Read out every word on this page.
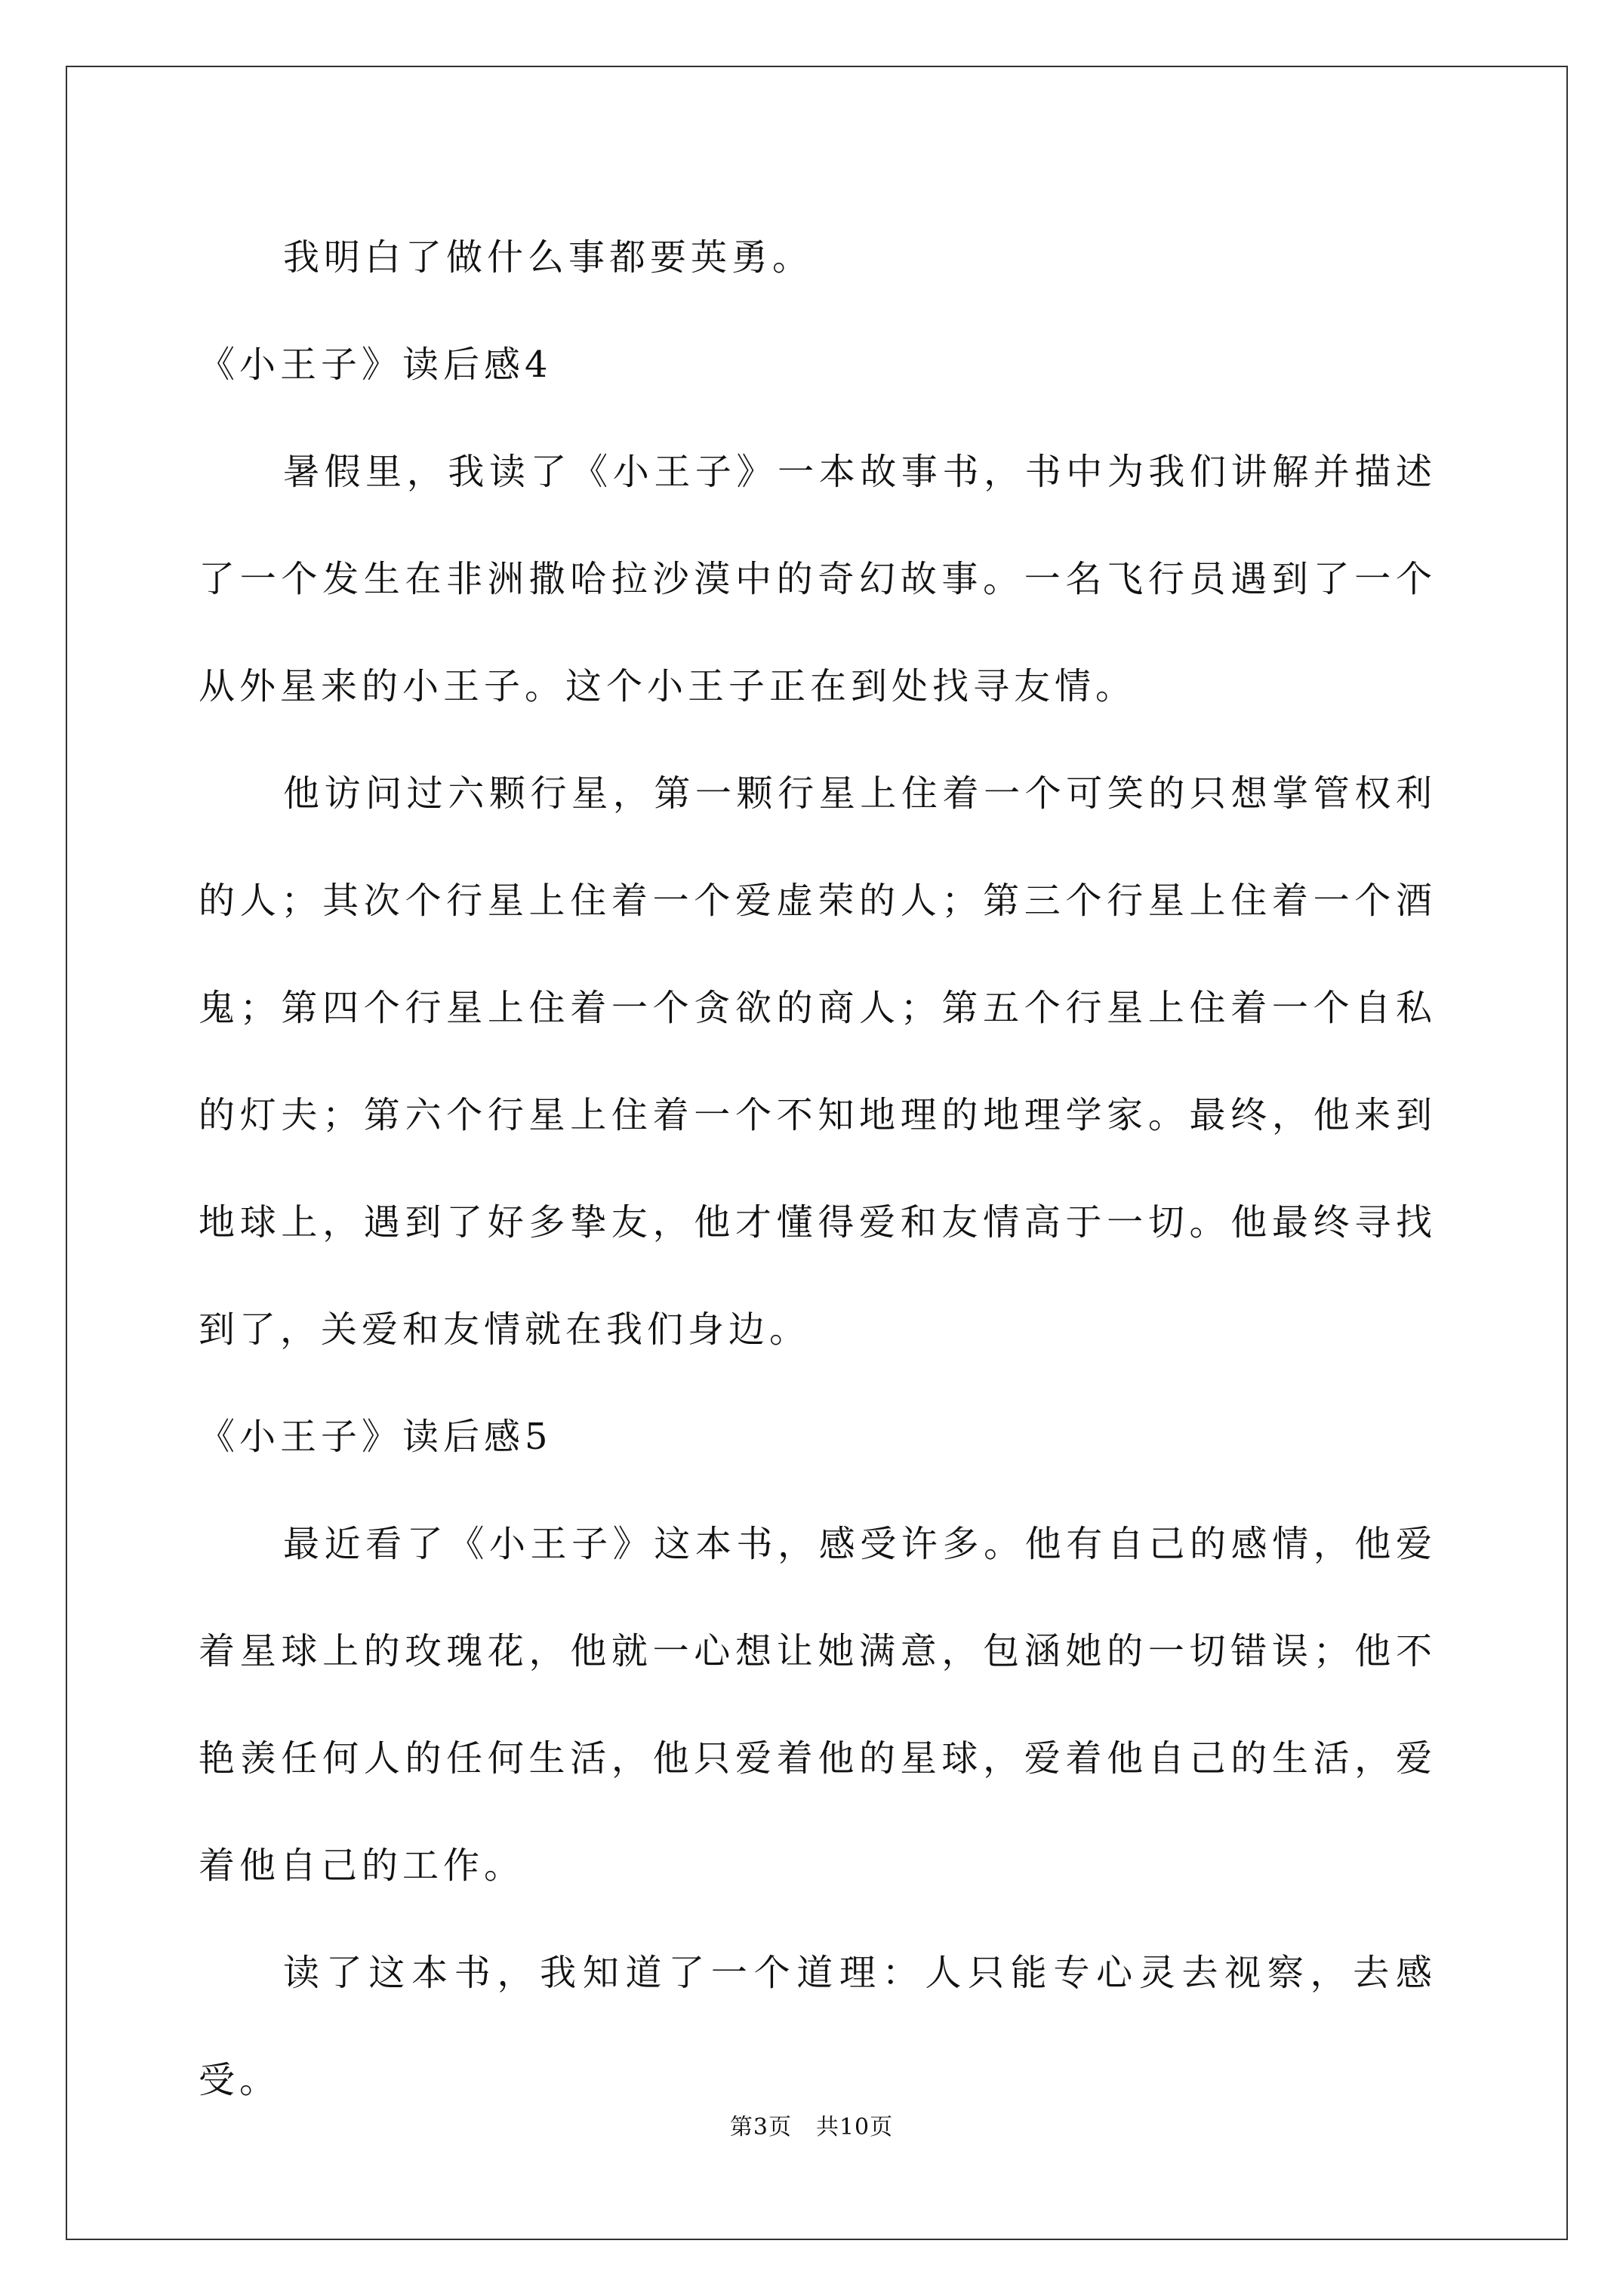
我明白了做什么事都要英勇。

《小王子》读后感4

暑假里，我读了《小王子》一本故事书，书中为我们讲解并描述了一个发生在非洲撒哈拉沙漠中的奇幻故事。一名飞行员遇到了一个从外星来的小王子。这个小王子正在到处找寻友情。

他访问过六颗行星，第一颗行星上住着一个可笑的只想掌管权利的人；其次个行星上住着一个爱虚荣的人；第三个行星上住着一个酒鬼；第四个行星上住着一个贪欲的商人；第五个行星上住着一个自私的灯夫；第六个行星上住着一个不知地理的地理学家。最终，他来到地球上，遇到了好多挚友，他才懂得爱和友情高于一切。他最终寻找到了，关爱和友情就在我们身边。

《小王子》读后感5

最近看了《小王子》这本书，感受许多。他有自己的感情，他爱着星球上的玫瑰花，他就一心想让她满意，包涵她的一切错误；他不艳羡任何人的任何生活，他只爱着他的星球，爱着他自己的生活，爱着他自己的工作。

读了这本书，我知道了一个道理：人只能专心灵去视察，去感受。

第3页 共10页
